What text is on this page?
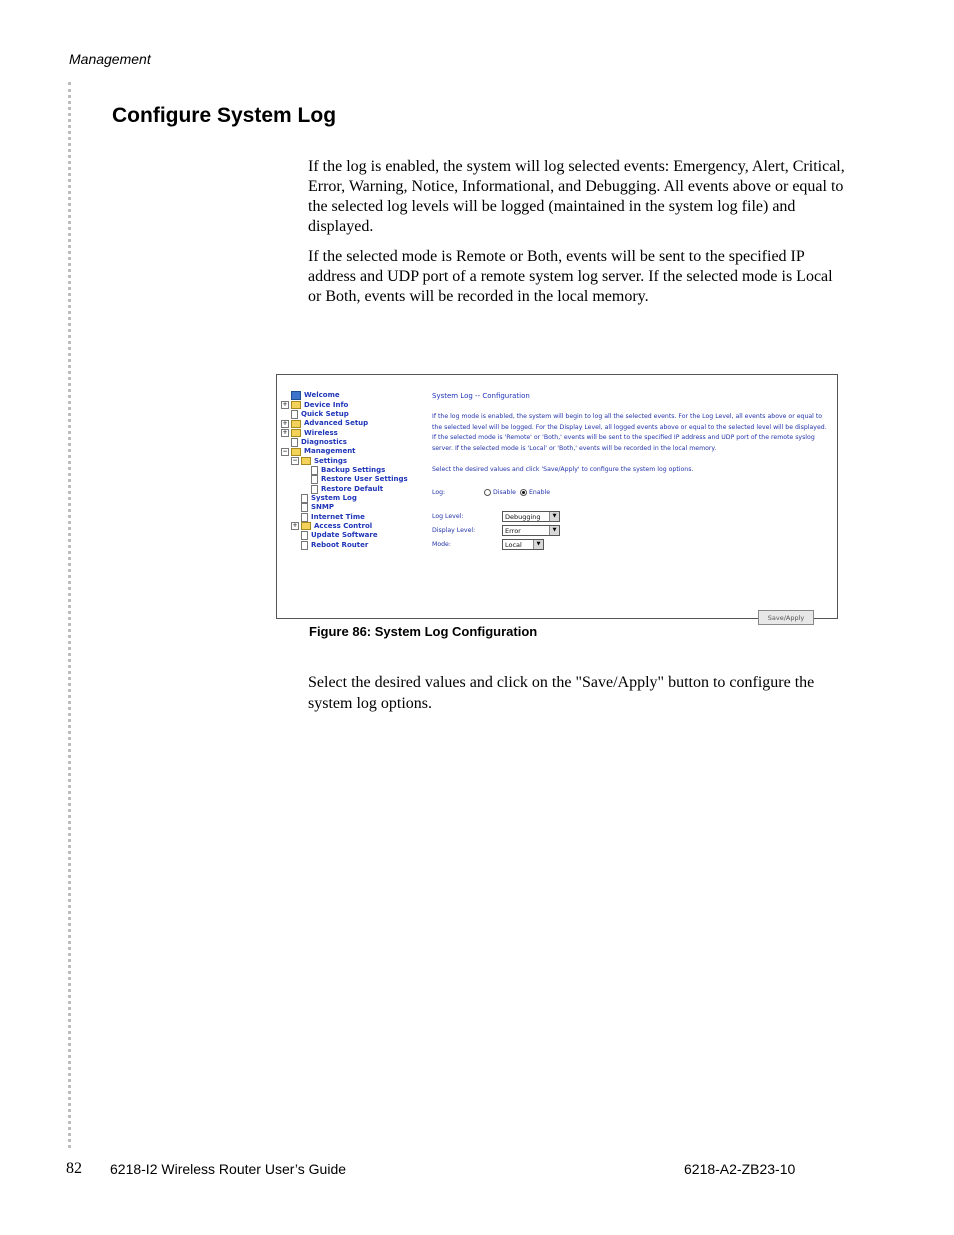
Management
Configure System Log

If the log is enabled, the system will log selected events: Emergency, Alert, Critical, Error, Warning, Notice, Informational, and Debugging. All events above or equal to the selected log levels will be logged (maintained in the system log file) and displayed.

If the selected mode is Remote or Both, events will be sent to the specified IP address and UDP port of a remote system log server. If the selected mode is Local or Both, events will be recorded in the local memory.

Welcome
+ Device Info
Quick Setup
+ Advanced Setup
+ Wireless
Diagnostics
− Management
− Settings
Backup Settings
Restore User Settings
Restore Default
System Log
SNMP
Internet Time
+ Access Control
Update Software
Reboot Router
System Log -- Configuration
If the log mode is enabled, the system will begin to log all the selected events. For the Log Level, all events above or equal to the selected level will be logged. For the Display Level, all logged events above or equal to the selected level will be displayed. If the selected mode is 'Remote' or 'Both,' events will be sent to the specified IP address and UDP port of the remote syslog server. If the selected mode is 'Local' or 'Both,' events will be recorded in the local memory.
Select the desired values and click 'Save/Apply' to configure the system log options.
Log:	Disable Enable
Log Level:	Debugging	▼
Display Level:	Error	▼
Mode:	Local	▼
Save/Apply
Figure 86: System Log Configuration

Select the desired values and click on the "Save/Apply" button to configure the system log options.

82 6218-I2 Wireless Router User’s Guide	6218-A2-ZB23-10
